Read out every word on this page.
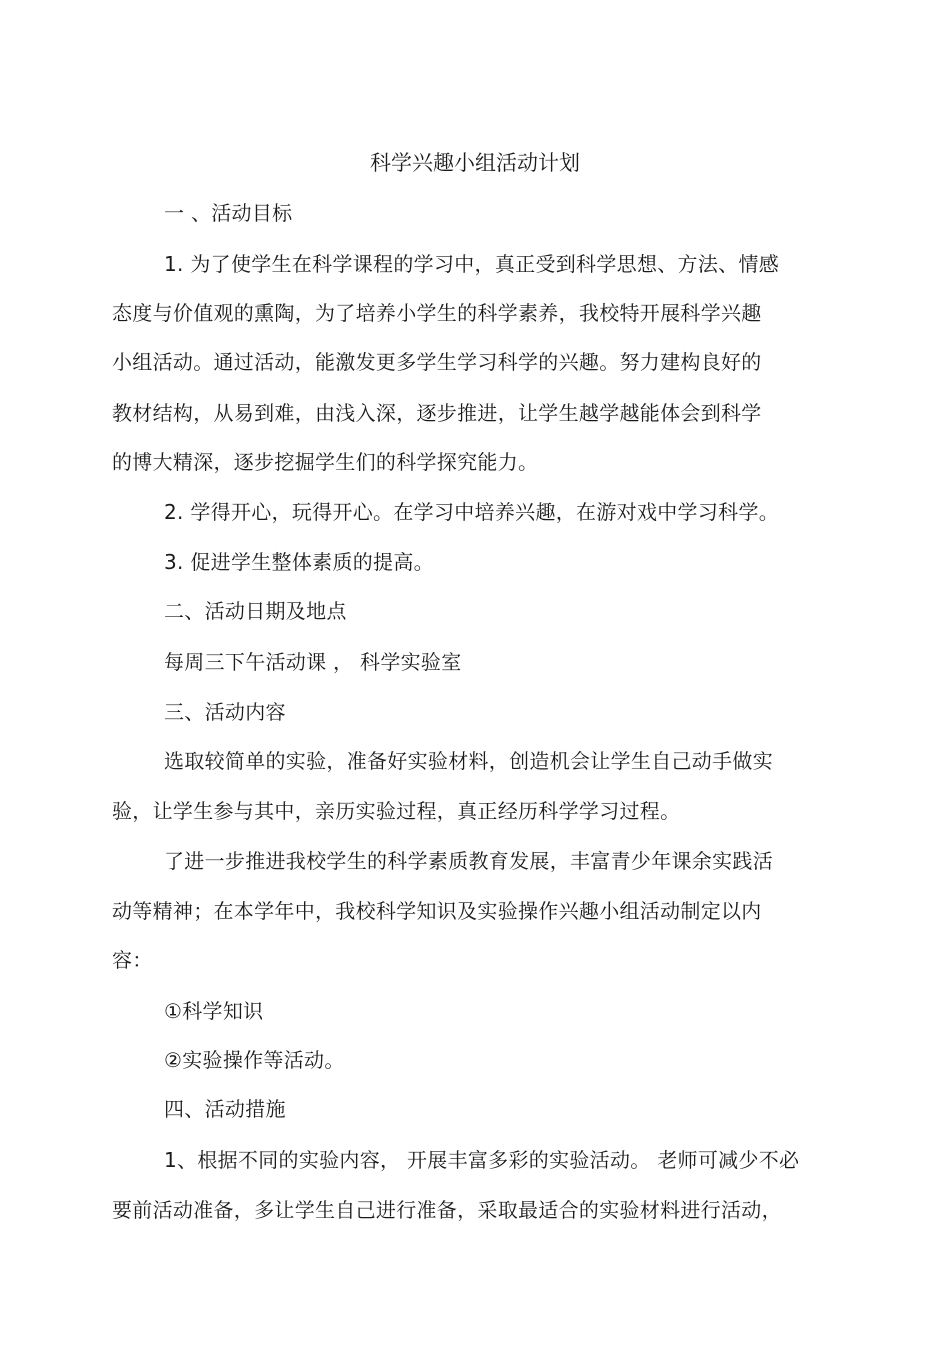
科学兴趣小组活动计划
一 、活动目标
1. 为了使学生在科学课程的学习中，真正受到科学思想、方法、情感
态度与价值观的熏陶，为了培养小学生的科学素养，我校特开展科学兴趣
小组活动。通过活动，能激发更多学生学习科学的兴趣。努力建构良好的
教材结构，从易到难，由浅入深，逐步推进，让学生越学越能体会到科学
的博大精深，逐步挖掘学生们的科学探究能力。
2. 学得开心，玩得开心。在学习中培养兴趣，在游对戏中学习科学。
3. 促进学生整体素质的提高。
二、活动日期及地点
每周三下午活动课 ， 科学实验室
三、活动内容
选取较简单的实验，准备好实验材料，创造机会让学生自己动手做实
验，让学生参与其中，亲历实验过程，真正经历科学学习过程。
了进一步推进我校学生的科学素质教育发展，丰富青少年课余实践活
动等精神；在本学年中，我校科学知识及实验操作兴趣小组活动制定以内
容：
①科学知识
②实验操作等活动。
四、活动措施
1、根据不同的实验内容， 开展丰富多彩的实验活动。 老师可减少不必
要前活动准备，多让学生自己进行准备，采取最适合的实验材料进行活动，
